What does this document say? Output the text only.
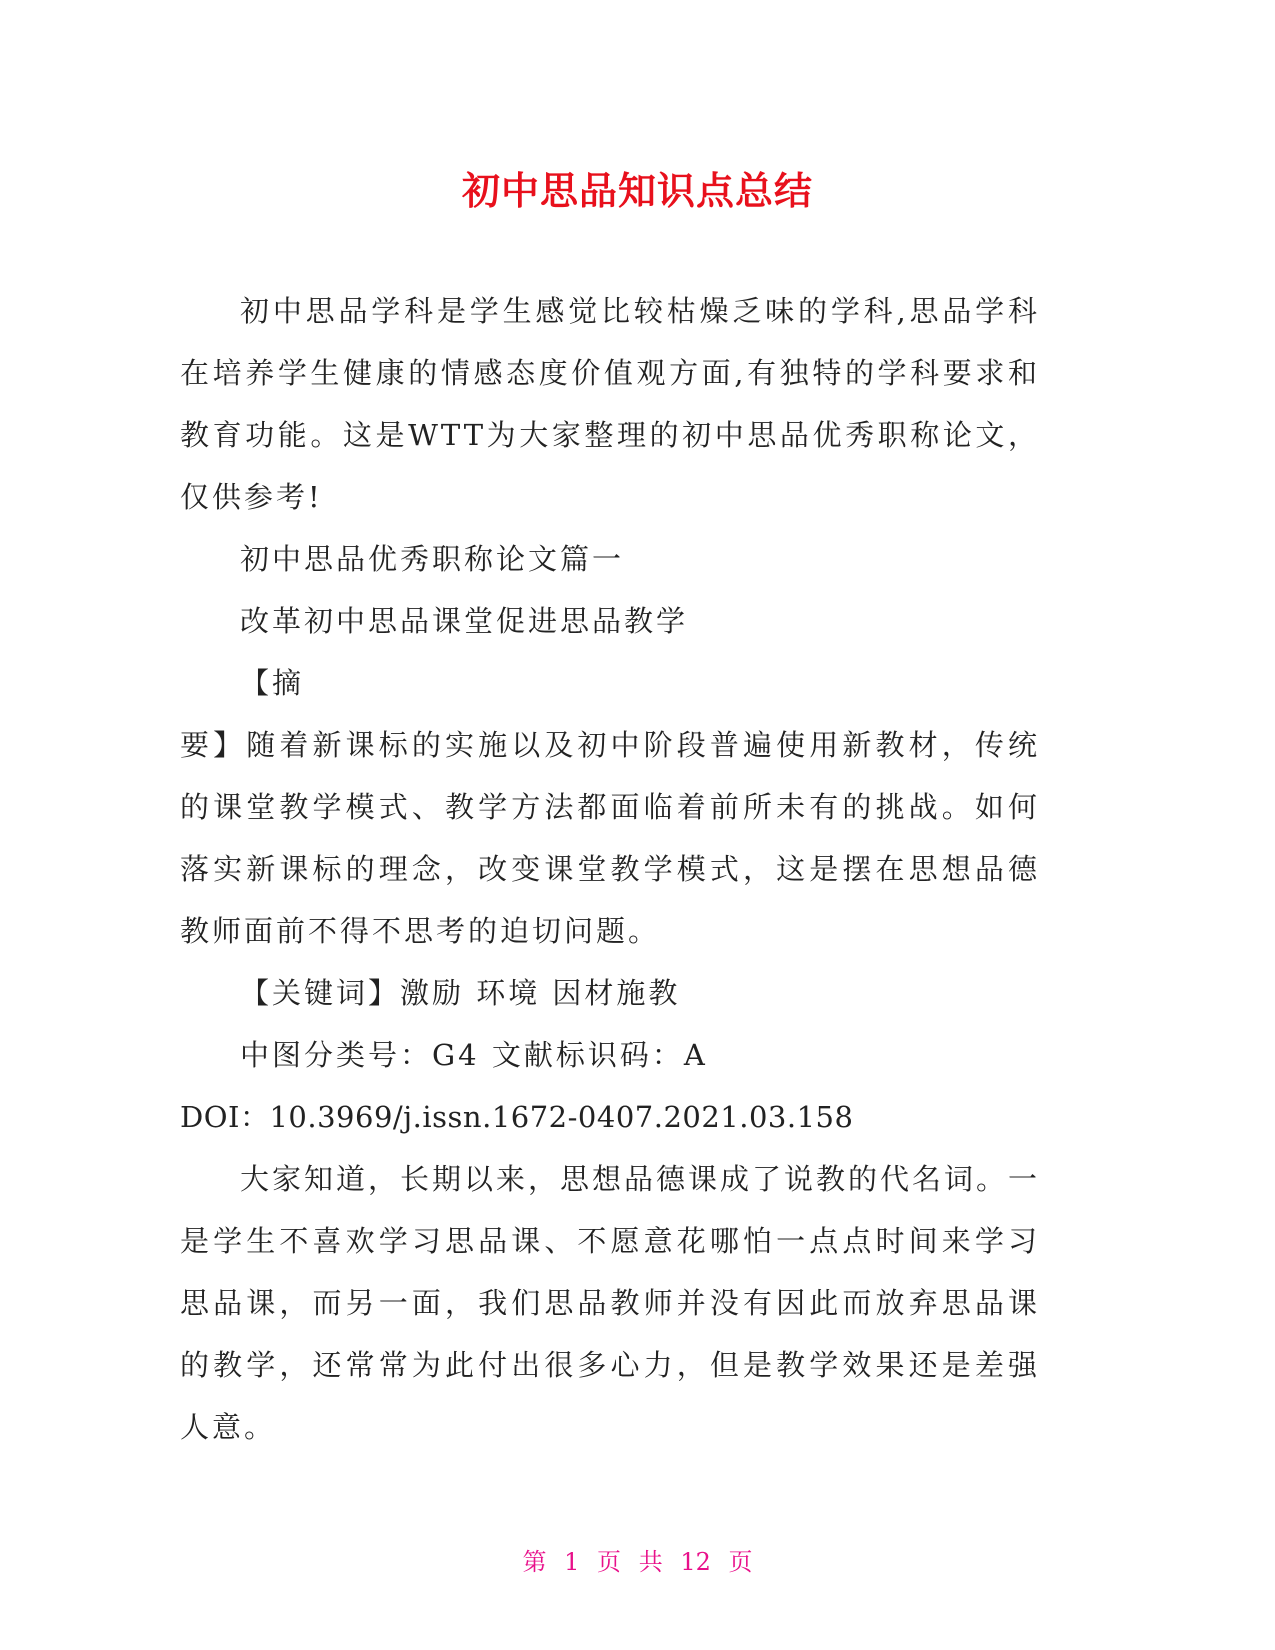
初中思品知识点总结

初中思品学科是学生感觉比较枯燥乏味的学科,思品学科在培养学生健康的情感态度价值观方面,有独特的学科要求和教育功能。这是WTT为大家整理的初中思品优秀职称论文，仅供参考!

初中思品优秀职称论文篇一

改革初中思品课堂促进思品教学

【摘

要】随着新课标的实施以及初中阶段普遍使用新教材，传统的课堂教学模式、教学方法都面临着前所未有的挑战。如何落实新课标的理念，改变课堂教学模式，这是摆在思想品德教师面前不得不思考的迫切问题。

【关键词】激励 环境 因材施教

中图分类号：G4 文献标识码：A

DOI：10.3969/j.issn.1672-0407.2021.03.158

大家知道，长期以来，思想品德课成了说教的代名词。一是学生不喜欢学习思品课、不愿意花哪怕一点点时间来学习思品课，而另一面，我们思品教师并没有因此而放弃思品课的教学，还常常为此付出很多心力，但是教学效果还是差强人意。

第 1 页 共 12 页
